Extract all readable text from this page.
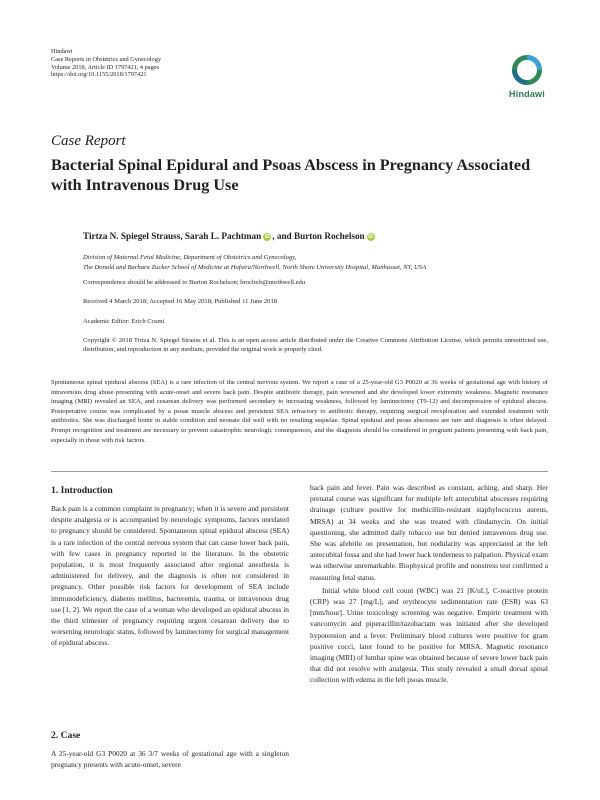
Hindawi
Case Reports in Obstetrics and Gynecology
Volume 2018, Article ID 1797421, 4 pages
https://doi.org/10.1155/2018/1797421
Hindawi
Case Report
Bacterial Spinal Epidural and Psoas Abscess in Pregnancy Associated with Intravenous Drug Use
Tirtza N. Spiegel Strauss, Sarah L. Pachtman iD , and Burton Rochelson iD
Division of Maternal Fetal Medicine, Department of Obstetrics and Gynecology,
The Donald and Barbara Zucker School of Medicine at Hofstra/Northwell, North Shore University Hospital, Manhasset, NY, USA
Correspondence should be addressed to Burton Rochelson; brochels@northwell.edu
Received 4 March 2018; Accepted 16 May 2018; Published 11 June 2018
Academic Editor: Erich Cosmi
Copyright © 2018 Tirtza N. Spiegel Strauss et al. This is an open access article distributed under the Creative Commons Attribution License, which permits unrestricted use, distribution, and reproduction in any medium, provided the original work is properly cited.
Spontaneous spinal epidural abscess (SEA) is a rare infection of the central nervous system. We report a case of a 25-year-old G3 P0020 at 36 weeks of gestational age with history of intravenous drug abuse presenting with acute-onset and severe back pain. Despite antibiotic therapy, pain worsened and she developed lower extremity weakness. Magnetic resonance imaging (MRI) revealed an SEA, and cesarean delivery was performed secondary to increasing weakness, followed by laminectomy (T9-12) and decompression of epidural abscess. Postoperative course was complicated by a psoas muscle abscess and persistent SEA refractory to antibiotic therapy, requiring surgical reexploration and extended treatment with antibiotics. She was discharged home in stable condition and neonate did well with no resulting sequelae. Spinal epidural and psoas abscesses are rare and diagnosis is often delayed. Prompt recognition and treatment are necessary to prevent catastrophic neurologic consequences, and the diagnosis should be considered in pregnant patients presenting with back pain, especially in those with risk factors.
1. Introduction

Back pain is a common complaint in pregnancy; when it is severe and persistent despite analgesia or is accompanied by neurologic symptoms, factors unrelated to pregnancy should be considered. Spontaneous spinal epidural abscess (SEA) is a rare infection of the central nervous system that can cause lower back pain, with few cases in pregnancy reported in the literature. In the obstetric population, it is most frequently associated after regional anesthesia is administered for delivery, and the diagnosis is often not considered in pregnancy. Other possible risk factors for development of SEA include immunodeficiency, diabetes mellitus, bacteremia, trauma, or intravenous drug use [1, 2]. We report the case of a woman who developed an epidural abscess in the third trimester of pregnancy requiring urgent cesarean delivery due to worsening neurologic status, followed by laminectomy for surgical management of epidural abscess.

2. Case

A 25-year-old G3 P0020 at 36 3/7 weeks of gestational age with a singleton pregnancy presents with acute-onset, severe

back pain and fever. Pain was described as constant, aching, and sharp. Her prenatal course was significant for multiple left antecubital abscesses requiring drainage (culture positive for methicillin-resistant staphylococcus aureus, MRSA) at 34 weeks and she was treated with clindamycin. On initial questioning, she admitted daily tobacco use but denied intravenous drug use. She was afebrile on presentation, but nodularity was appreciated at the left antecubital fossa and she had lower back tenderness to palpation. Physical exam was otherwise unremarkable. Biophysical profile and nonstress test confirmed a reassuring fetal status.

Initial white blood cell count (WBC) was 21 [K/uL], C-reactive protein (CRP) was 27 [mg/L], and erythrocyte sedimentation rate (ESR) was 63 [mm/hour]. Urine toxicology screening was negative. Empiric treatment with vancomycin and piperacillin/tazobactam was initiated after she developed hypotension and a fever. Preliminary blood cultures were positive for gram positive cocci, later found to be positive for MRSA. Magnetic resonance imaging (MRI) of lumbar spine was obtained because of severe lower back pain that did not resolve with analgesia. This study revealed a small dorsal spinal collection with edema in the left psoas muscle.
